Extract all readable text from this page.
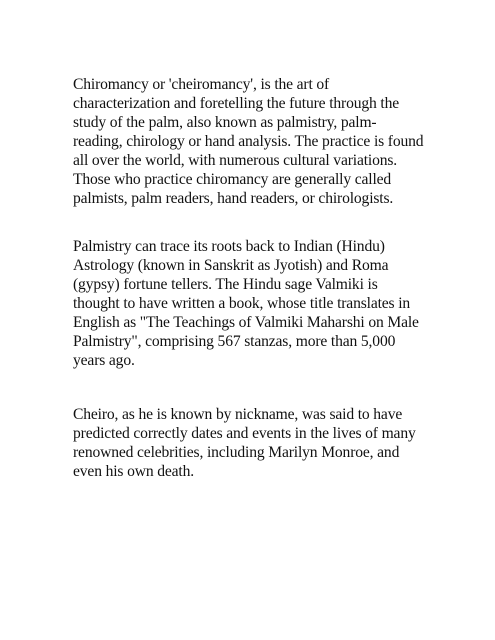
Chiromancy or 'cheiromancy', is the art of characterization and foretelling the future through the study of the palm, also known as palmistry, palm-reading, chirology or hand analysis. The practice is found all over the world, with numerous cultural variations. Those who practice chiromancy are generally called palmists, palm readers, hand readers, or chirologists.

Palmistry can trace its roots back to Indian (Hindu) Astrology (known in Sanskrit as Jyotish) and Roma (gypsy) fortune tellers. The Hindu sage Valmiki is thought to have written a book, whose title translates in English as "The Teachings of Valmiki Maharshi on Male Palmistry", comprising 567 stanzas, more than 5,000 years ago.

Cheiro, as he is known by nickname, was said to have predicted correctly dates and events in the lives of many renowned celebrities, including Marilyn Monroe, and even his own death.
